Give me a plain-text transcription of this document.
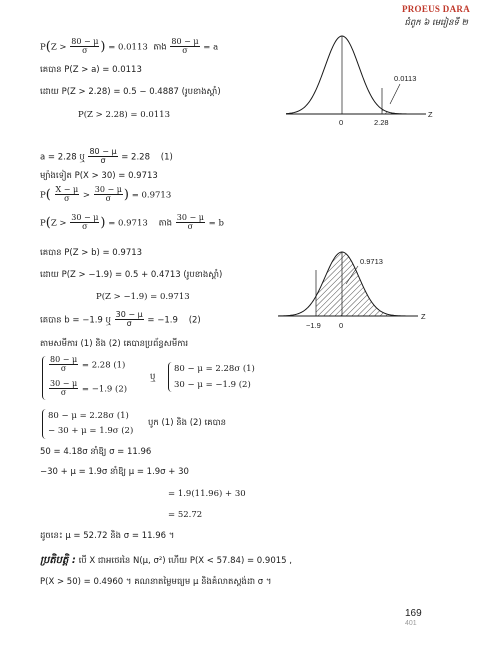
PROEUS DARA
ជំពូក ៦ មេរៀនទី ២
$P(Z > \frac{80 - \mu}{\sigma}$ ) = 0.0113 តាង $\frac{80 - \mu}{\sigma} = a$
គេបាន P(Z > a) = 0.0113
ដោយ P(Z > 2.28) = 0.5 − 0.4887 (រូបខាងស្តាំ)
P(Z > 2.28) = 0.0113
a = 2.28 ឬ $\frac{80 - \mu}{\sigma} = 2.28$ (1)
ម្យ៉ាងទៀត P(X > 30) = 0.9713
$P( \frac{X - \mu}{\sigma} > \frac{30 - \mu}{\sigma}$ ) = 0.9713
$P(Z > \frac{30 - \mu}{\sigma}$ ) = 0.9713 តាង $\frac{30 - \mu}{\sigma} = b$
គេបាន P(Z > b) = 0.9713
ដោយ P(Z > −1.9) = 0.5 + 0.4713 (រូបខាងស្តាំ)
P(Z > −1.9) = 0.9713
គេបាន b = −1.9 ឬ $\frac{30 - \mu}{\sigma} = -1.9$ (2)
តាមសមីការ (1) និង (2) គេបានប្រព័ន្ធសមីការ
$\frac{80 - \mu}{\sigma} = 2.28$ (1)
$\frac{30 - \mu}{\sigma} = -1.9$ (2)
ឬ
80 − μ = 2.28σ (1)
30 − μ = −1.9 (2)
80 − μ = 2.28σ (1)
− 30 + μ = 1.9σ (2)
បូក (1) និង (2) គេបាន
50 = 4.18σ នាំឱ្យ σ = 11.96
−30 + μ = 1.9σ នាំឱ្យ μ = 1.9σ + 30
= 1.9(11.96) + 30
= 52.72
ដូចនេះ μ = 52.72 និង σ = 11.96 ។
ប្រតិបត្តិ : បើ X ជាអថេរនៃ N(μ, σ²) ហើយ P(X < 57.84) = 0.9015 ,
P(X > 50) = 0.4960 ។ គណនាតម្លៃមធ្យម μ និងគំលាតស្តង់ដា σ ។
169
401
0.0113
0	2.28
Z
0.9713
−1.9 0
Z
